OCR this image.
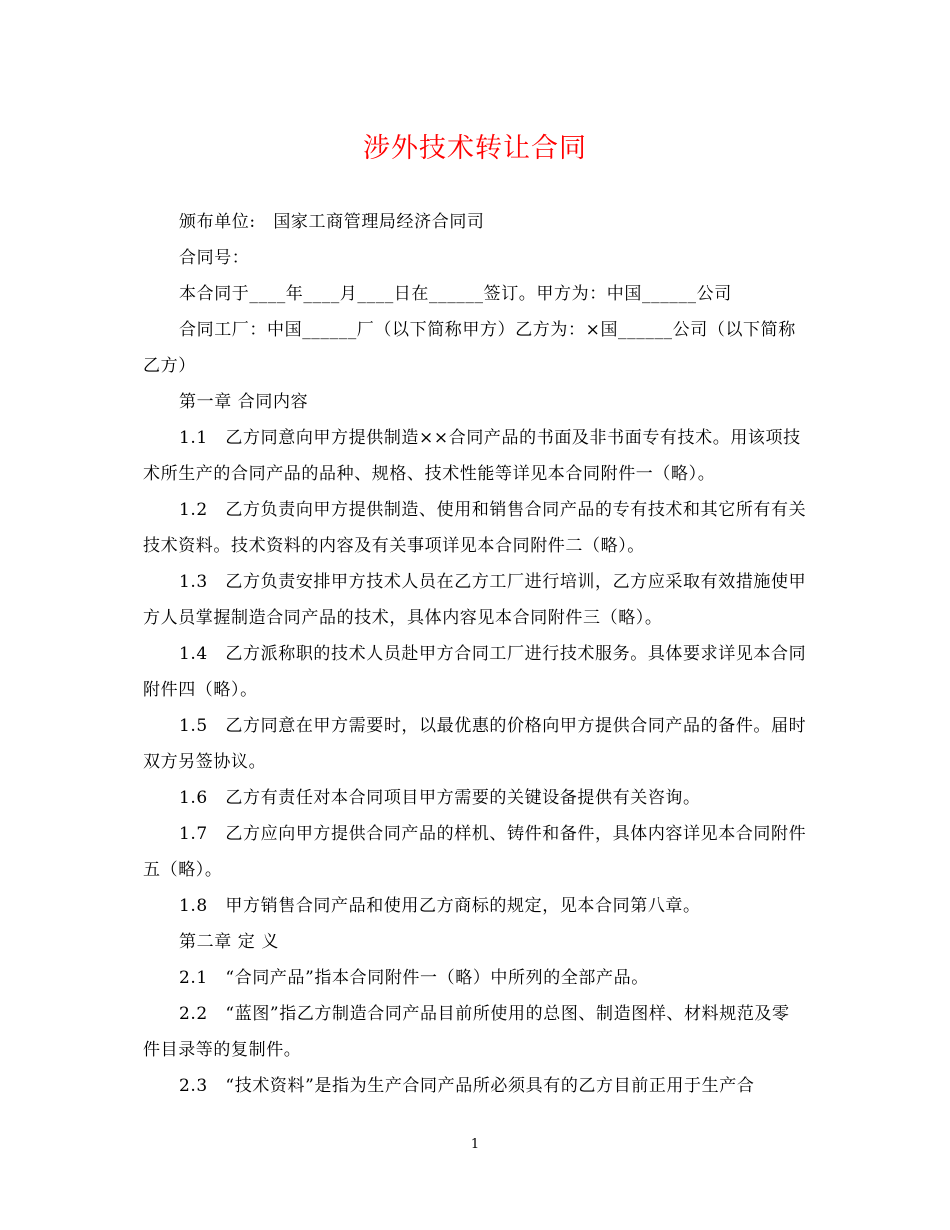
涉外技术转让合同

颁布单位:　国家工商管理局经济合同司

合同号：

本合同于____年____月____日在______签订。甲方为：中国______公司

合同工厂：中国______厂（以下简称甲方）乙方为：×国______公司（以下简称乙方）

第一章 合同内容

1.1　乙方同意向甲方提供制造××合同产品的书面及非书面专有技术。用该项技术所生产的合同产品的品种、规格、技术性能等详见本合同附件一（略）。

1.2　乙方负责向甲方提供制造、使用和销售合同产品的专有技术和其它所有有关技术资料。技术资料的内容及有关事项详见本合同附件二（略）。

1.3　乙方负责安排甲方技术人员在乙方工厂进行培训，乙方应采取有效措施使甲方人员掌握制造合同产品的技术，具体内容见本合同附件三（略）。

1.4　乙方派称职的技术人员赴甲方合同工厂进行技术服务。具体要求详见本合同附件四（略）。

1.5　乙方同意在甲方需要时，以最优惠的价格向甲方提供合同产品的备件。届时双方另签协议。

1.6　乙方有责任对本合同项目甲方需要的关键设备提供有关咨询。

1.7　乙方应向甲方提供合同产品的样机、铸件和备件，具体内容详见本合同附件五（略）。

1.8　甲方销售合同产品和使用乙方商标的规定，见本合同第八章。

第二章 定 义

2.1　“合同产品”指本合同附件一（略）中所列的全部产品。

2.2　“蓝图”指乙方制造合同产品目前所使用的总图、制造图样、材料规范及零件目录等的复制件。

2.3　“技术资料”是指为生产合同产品所必须具有的乙方目前正用于生产合

1
